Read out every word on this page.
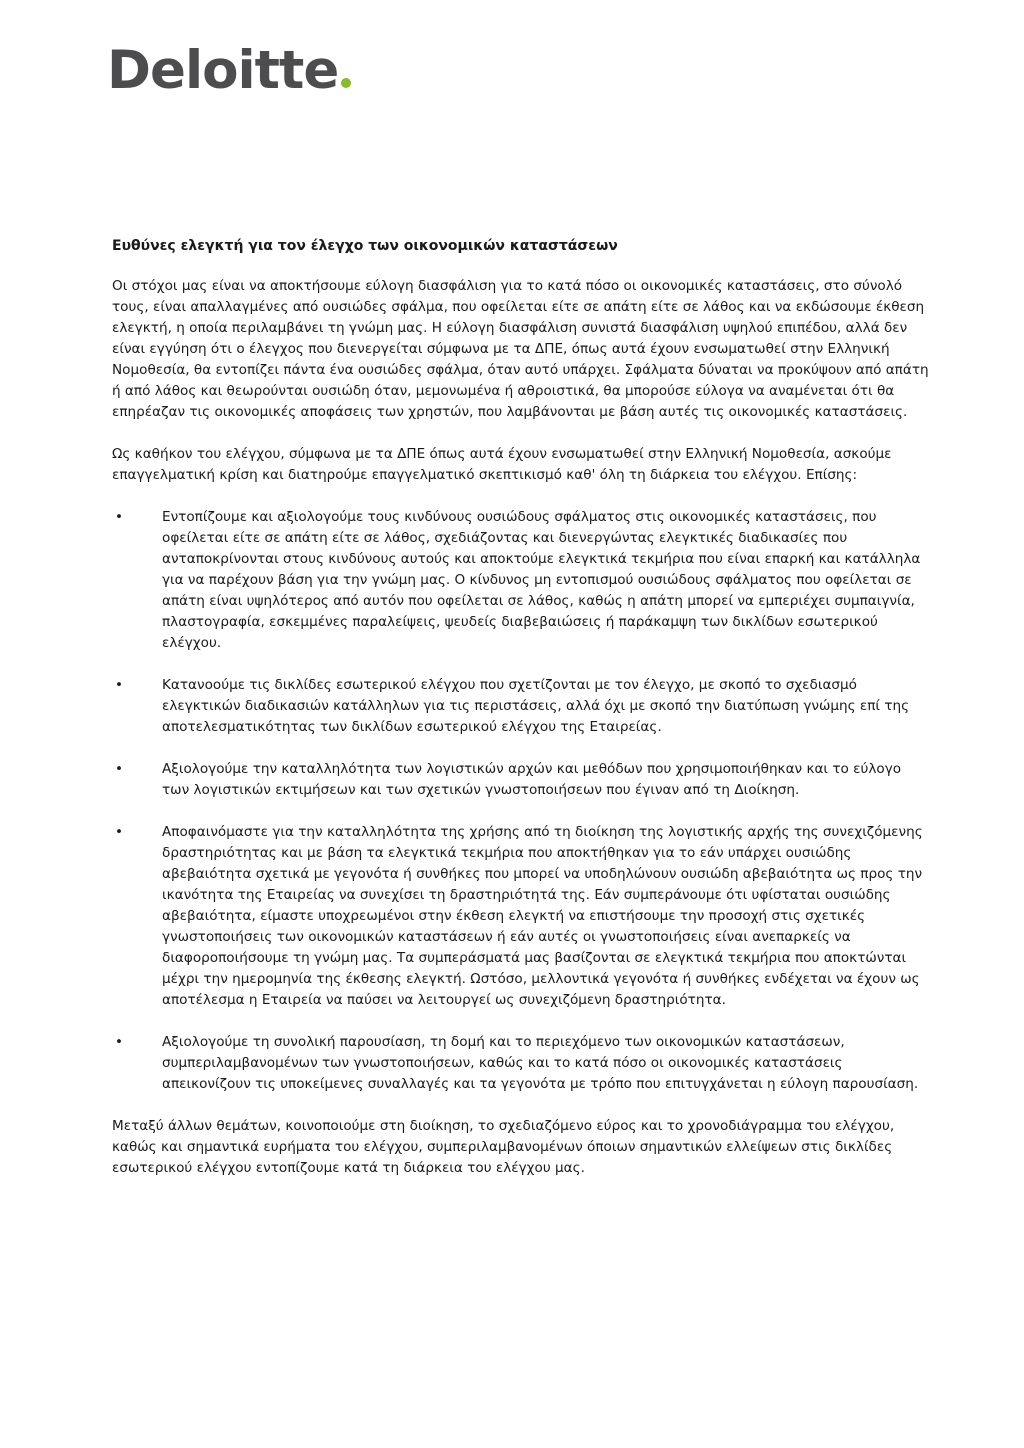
Deloitte
Ευθύνες ελεγκτή για τον έλεγχο των οικονομικών καταστάσεων

Οι στόχοι μας είναι να αποκτήσουμε εύλογη διασφάλιση για το κατά πόσο οι οικονομικές καταστάσεις, στο σύνολό τους, είναι απαλλαγμένες από ουσιώδες σφάλμα, που οφείλεται είτε σε απάτη είτε σε λάθος και να εκδώσουμε έκθεση ελεγκτή, η οποία περιλαμβάνει τη γνώμη μας. Η εύλογη διασφάλιση συνιστά διασφάλιση υψηλού επιπέδου, αλλά δεν είναι εγγύηση ότι ο έλεγχος που διενεργείται σύμφωνα με τα ΔΠΕ, όπως αυτά έχουν ενσωματωθεί στην Ελληνική Νομοθεσία, θα εντοπίζει πάντα ένα ουσιώδες σφάλμα, όταν αυτό υπάρχει. Σφάλματα δύναται να προκύψουν από απάτη ή από λάθος και θεωρούνται ουσιώδη όταν, μεμονωμένα ή αθροιστικά, θα μπορούσε εύλογα να αναμένεται ότι θα επηρέαζαν τις οικονομικές αποφάσεις των χρηστών, που λαμβάνονται με βάση αυτές τις οικονομικές καταστάσεις.

Ως καθήκον του ελέγχου, σύμφωνα με τα ΔΠΕ όπως αυτά έχουν ενσωματωθεί στην Ελληνική Νομοθεσία, ασκούμε επαγγελματική κρίση και διατηρούμε επαγγελματικό σκεπτικισμό καθ' όλη τη διάρκεια του ελέγχου. Επίσης:

•	Εντοπίζουμε και αξιολογούμε τους κινδύνους ουσιώδους σφάλματος στις οικονομικές καταστάσεις, που οφείλεται είτε σε απάτη είτε σε λάθος, σχεδιάζοντας και διενεργώντας ελεγκτικές διαδικασίες που ανταποκρίνονται στους κινδύνους αυτούς και αποκτούμε ελεγκτικά τεκμήρια που είναι επαρκή και κατάλληλα για να παρέχουν βάση για την γνώμη μας. Ο κίνδυνος μη εντοπισμού ουσιώδους σφάλματος που οφείλεται σε απάτη είναι υψηλότερος από αυτόν που οφείλεται σε λάθος, καθώς η απάτη μπορεί να εμπεριέχει συμπαιγνία, πλαστογραφία, εσκεμμένες παραλείψεις, ψευδείς διαβεβαιώσεις ή παράκαμψη των δικλίδων εσωτερικού ελέγχου.
•	Κατανοούμε τις δικλίδες εσωτερικού ελέγχου που σχετίζονται με τον έλεγχο, με σκοπό το σχεδιασμό ελεγκτικών διαδικασιών κατάλληλων για τις περιστάσεις, αλλά όχι με σκοπό την διατύπωση γνώμης επί της αποτελεσματικότητας των δικλίδων εσωτερικού ελέγχου της Εταιρείας.
•	Αξιολογούμε την καταλληλότητα των λογιστικών αρχών και μεθόδων που χρησιμοποιήθηκαν και το εύλογο των λογιστικών εκτιμήσεων και των σχετικών γνωστοποιήσεων που έγιναν από τη Διοίκηση.
•	Αποφαινόμαστε για την καταλληλότητα της χρήσης από τη διοίκηση της λογιστικής αρχής της συνεχιζόμενης δραστηριότητας και με βάση τα ελεγκτικά τεκμήρια που αποκτήθηκαν για το εάν υπάρχει ουσιώδης αβεβαιότητα σχετικά με γεγονότα ή συνθήκες που μπορεί να υποδηλώνουν ουσιώδη αβεβαιότητα ως προς την ικανότητα της Εταιρείας να συνεχίσει τη δραστηριότητά της. Εάν συμπεράνουμε ότι υφίσταται ουσιώδης αβεβαιότητα, είμαστε υποχρεωμένοι στην έκθεση ελεγκτή να επιστήσουμε την προσοχή στις σχετικές γνωστοποιήσεις των οικονομικών καταστάσεων ή εάν αυτές οι γνωστοποιήσεις είναι ανεπαρκείς να διαφοροποιήσουμε τη γνώμη μας. Τα συμπεράσματά μας βασίζονται σε ελεγκτικά τεκμήρια που αποκτώνται μέχρι την ημερομηνία της έκθεσης ελεγκτή. Ωστόσο, μελλοντικά γεγονότα ή συνθήκες ενδέχεται να έχουν ως αποτέλεσμα η Εταιρεία να παύσει να λειτουργεί ως συνεχιζόμενη δραστηριότητα.
•	Αξιολογούμε τη συνολική παρουσίαση, τη δομή και το περιεχόμενο των οικονομικών καταστάσεων, συμπεριλαμβανομένων των γνωστοποιήσεων, καθώς και το κατά πόσο οι οικονομικές καταστάσεις απεικονίζουν τις υποκείμενες συναλλαγές και τα γεγονότα με τρόπο που επιτυγχάνεται η εύλογη παρουσίαση.

Μεταξύ άλλων θεμάτων, κοινοποιούμε στη διοίκηση, το σχεδιαζόμενο εύρος και το χρονοδιάγραμμα του ελέγχου, καθώς και σημαντικά ευρήματα του ελέγχου, συμπεριλαμβανομένων όποιων σημαντικών ελλείψεων στις δικλίδες εσωτερικού ελέγχου εντοπίζουμε κατά τη διάρκεια του ελέγχου μας.
